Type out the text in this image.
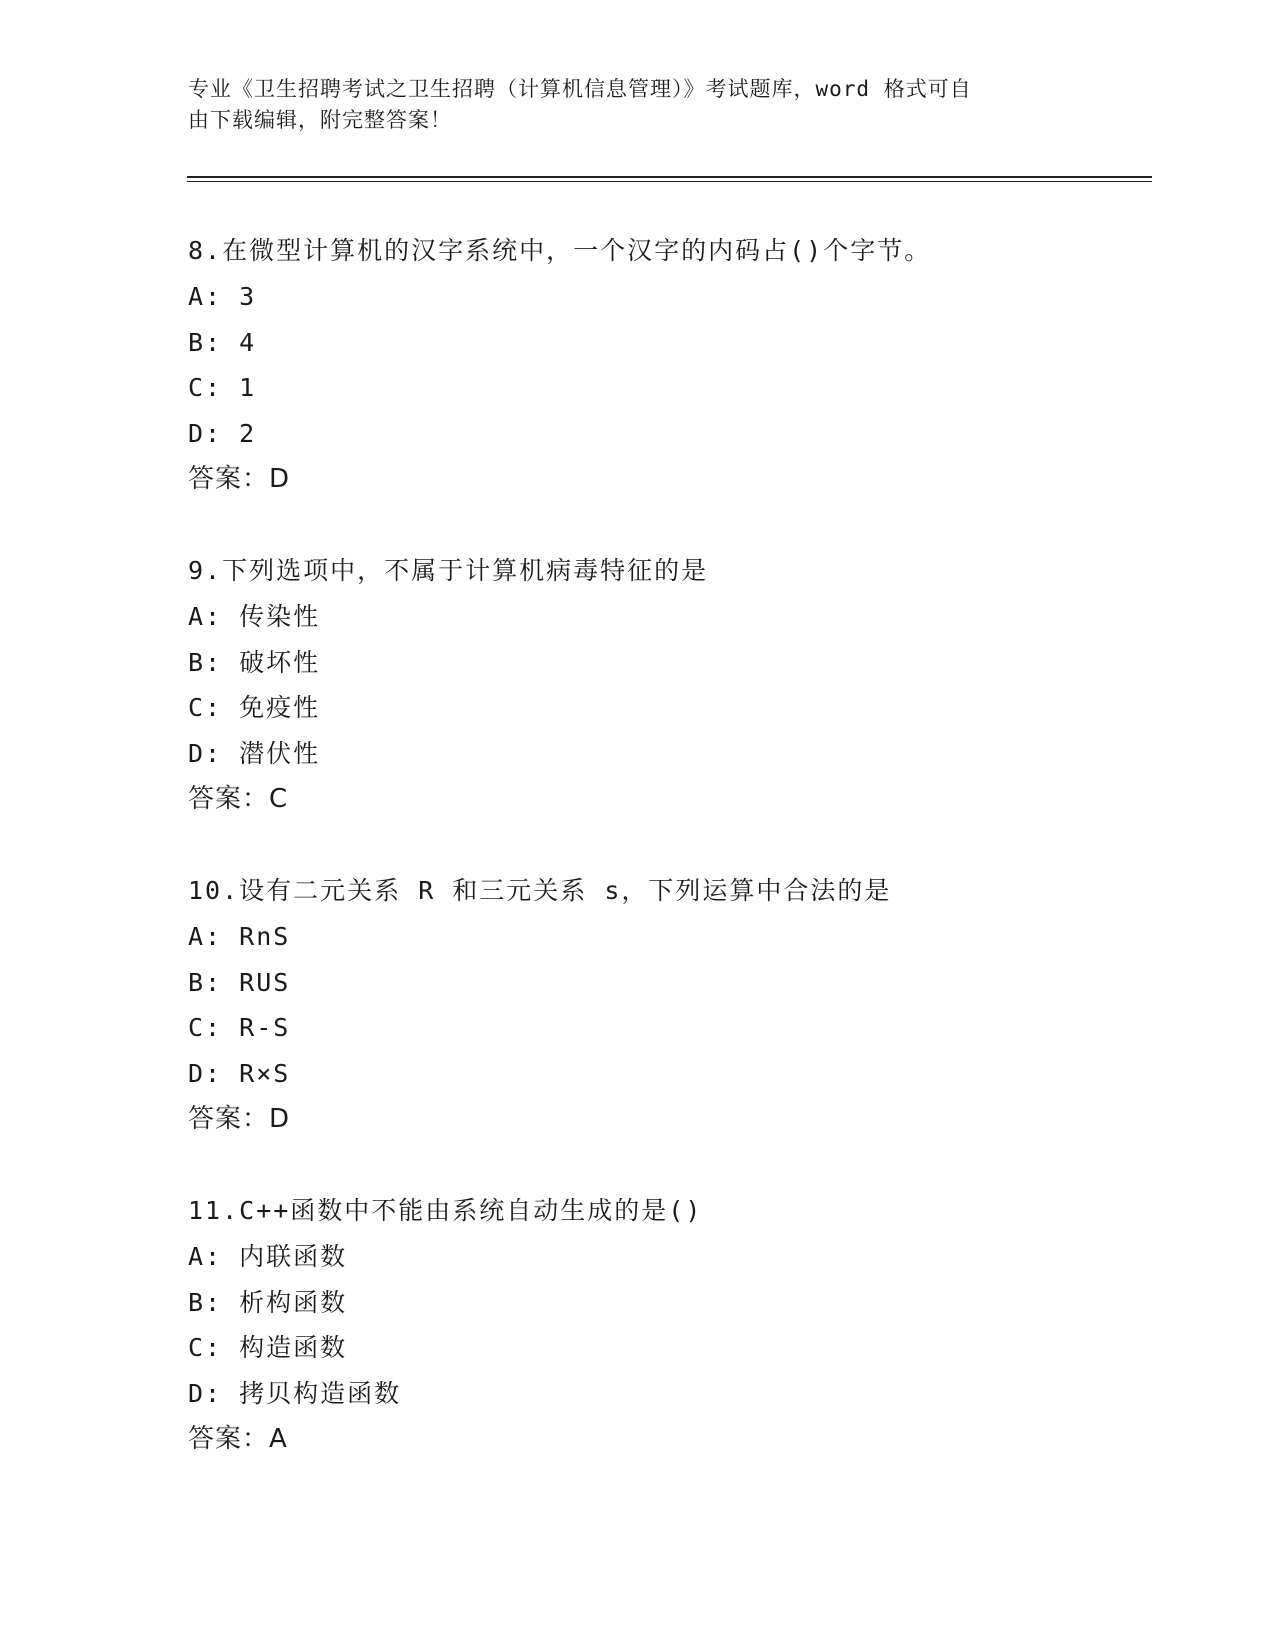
专业《卫生招聘考试之卫生招聘（计算机信息管理）》考试题库，word 格式可自
由下载编辑，附完整答案！
8.在微型计算机的汉字系统中，一个汉字的内码占()个字节。
A: 3
B: 4
C: 1
D: 2
答案：D
9.下列选项中，不属于计算机病毒特征的是
A: 传染性
B: 破坏性
C: 免疫性
D: 潜伏性
答案：C
10.设有二元关系 R 和三元关系 s，下列运算中合法的是
A: RnS
B: RUS
C: R-S
D: R×S
答案：D
11.C++函数中不能由系统自动生成的是()
A: 内联函数
B: 析构函数
C: 构造函数
D: 拷贝构造函数
答案：A
